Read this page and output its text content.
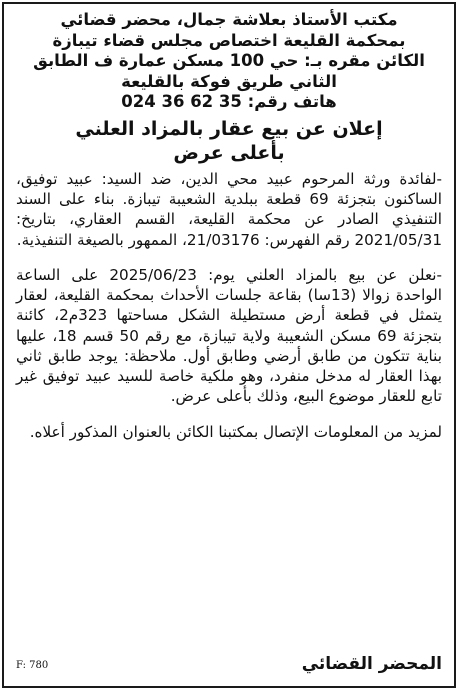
مكتب الأستاذ بعلاشة جمال، محضر قضائي
بمحكمة القليعة اختصاص مجلس قضاء تيبازة
الكائن مقره بـ: حي 100 مسكن عمارة ف الطابق
الثاني طريق فوكة بالقليعة
هاتف رقم: 35 62 36 024
إعلان عن بيع عقار بالمزاد العلني
بأعلى عرض

-لفائدة ورثة المرحوم عبيد محي الدين، ضد السيد: عبيد توفيق، الساكنون بتجزئة 69 قطعة ببلدية الشعيبة تيبازة. بناء على السند التنفيذي الصادر عن محكمة القليعة، القسم العقاري، بتاريخ: 2021/05/31 رقم الفهرس: 21/03176، الممهور بالصيغة التنفيذية.

-نعلن عن بيع بالمزاد العلني يوم: 2025/06/23 على الساعة الواحدة زوالا (13سا) بقاعة جلسات الأحداث بمحكمة القليعة، لعقار يتمثل في قطعة أرض مستطيلة الشكل مساحتها 323م2، كائنة بتجزئة 69 مسكن الشعيبة ولاية تيبازة، مع رقم 50 قسم 18، عليها بناية تتكون من طابق أرضي وطابق أول. ملاحظة: يوجد طابق ثاني بهذا العقار له مدخل منفرد، وهو ملكية خاصة للسيد عبيد توفيق غير تابع للعقار موضوع البيع، وذلك بأعلى عرض.

لمزيد من المعلومات الإتصال بمكتبنا الكائن بالعنوان المذكور أعلاه.

المحضر القضائي
F: 780
